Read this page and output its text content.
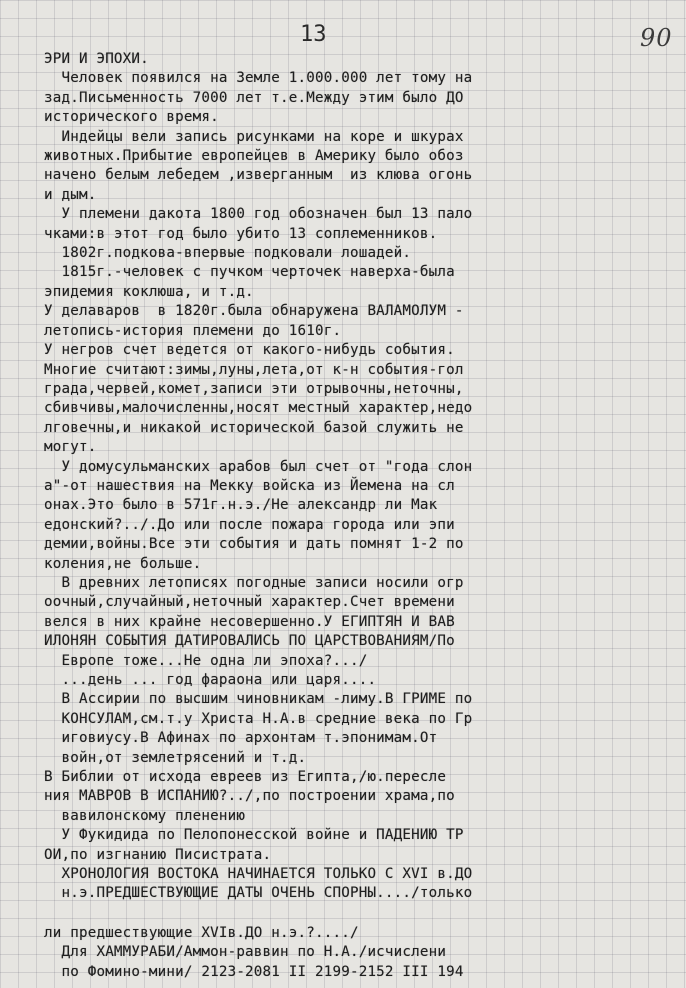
13	90
ЭРИ И ЭПОХИ.
Человек появился на Земле 1.000.000 лет тому на
зад.Письменность 7000 лет т.е.Между этим было ДО
исторического время.
Индейцы вели запись рисунками на коре и шкурах
животных.Прибытие европейцев в Америку было обоз
начено белым лебедем ,изверганным  из клюва огонь
и дым.
У племени дакота 1800 год обозначен был 13 пало
чками:в этот год было убито 13 соплеменников.
1802г.подкова-впервые подковали лошадей.
1815г.-человек с пучком черточек наверха-была
эпидемия коклюша, и т.д.
У делаваров  в 1820г.была обнаружена ВАЛАМОЛУМ -
летопись-история племени до 1610г.
У негров счет ведется от какого-нибудь события.
Многие считают:зимы,луны,лета,от к-н события-гол
града,червей,комет,записи эти отрывочны,неточны,
сбивчивы,малочисленны,носят местный характер,недо
лговечны,и никакой исторической базой служить не
могут.
У домусульманских арабов был счет от "года слон
а"-от нашествия на Мекку войска из Йемена на сл
онах.Это было в 571г.н.э./Не александр ли Мак
едонский?../.До или после пожара города или эпи
демии,войны.Все эти события и дать помнят 1-2 по
коления,не больше.
В древних летописях погодные записи носили огр
оочный,случайный,неточный характер.Счет времени
велся в них крайне несовершенно.У ЕГИПТЯН И ВАВ
ИЛОНЯН СОБЫТИЯ ДАТИРОВАЛИСЬ ПО ЦАРСТВОВАНИЯМ/По
Европе тоже...Не одна ли эпоха?.../
...день ... год фараона или царя....
В Ассирии по высшим чиновникам -лиму.В ГРИМЕ по
КОНСУЛАМ,см.т.у Христа Н.А.в средние века по Гр
иговиусу.В Афинах по архонтам т.эпонимам.От
войн,от землетрясений и т.д.
В Библии от исхода евреев из Египта,/ю.пересле
ния МАВРОВ В ИСПАНИЮ?../,по построении храма,по
вавилонскому пленению
У Фукидида по Пелопонесской войне и ПАДЕНИЮ ТР
ОИ,по изгнанию Писистрата.
ХРОНОЛОГИЯ ВОСТОКА НАЧИНАЕТСЯ ТОЛЬКО С XVI в.ДО
н.э.ПРЕДШЕСТВУЮЩИЕ ДАТЫ ОЧЕНЬ СПОРНЫ..../только
ли предшествующие XVIв.ДО н.э.?..../
Для ХАММУРАБИ/Аммон-раввин по Н.А./исчислени
по Фомино-мини/ 2123-2081 II 2199-2152 III 194
